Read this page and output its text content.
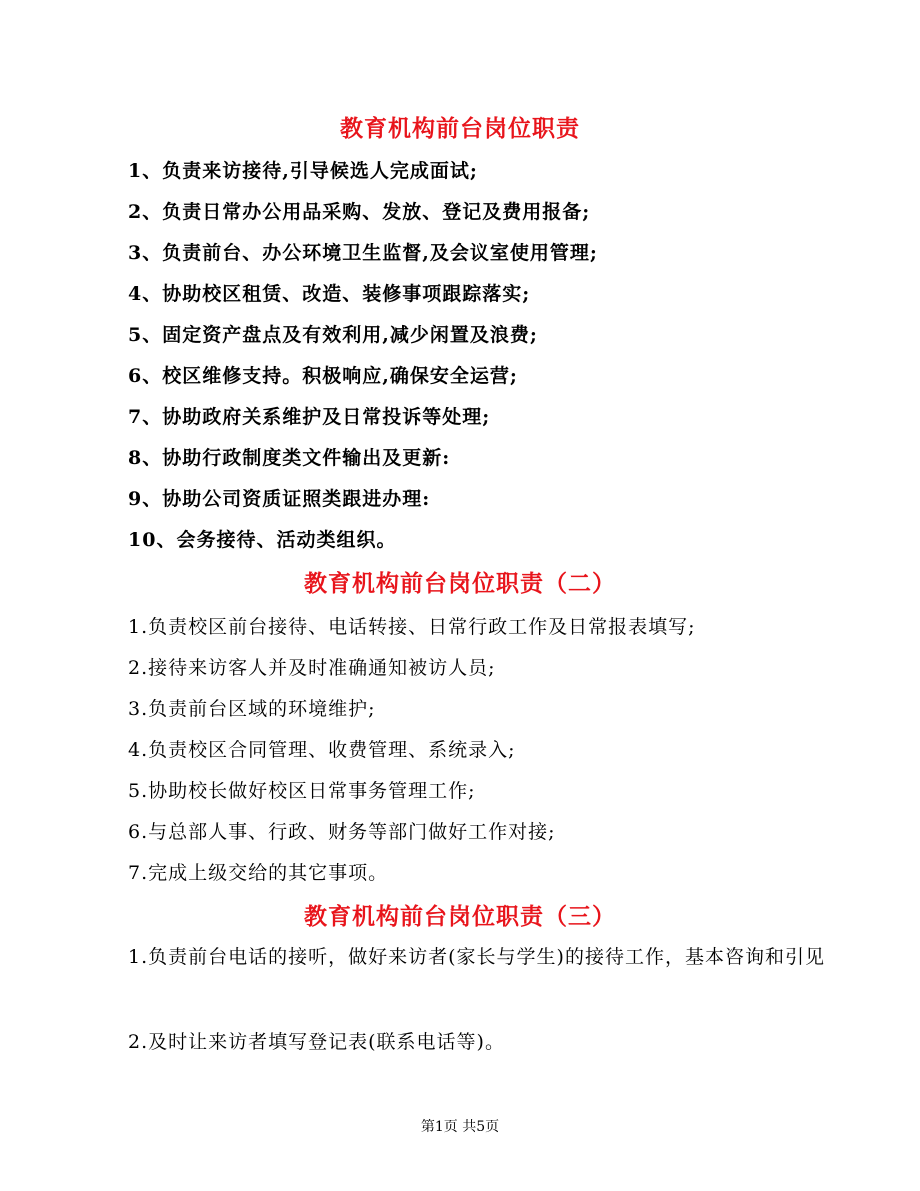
教育机构前台岗位职责
1、负责来访接待,引导候选人完成面试;
2、负责日常办公用品采购、发放、登记及费用报备;
3、负责前台、办公环境卫生监督,及会议室使用管理;
4、协助校区租赁、改造、装修事项跟踪落实;
5、固定资产盘点及有效利用,减少闲置及浪费;
6、校区维修支持。积极响应,确保安全运营;
7、协助政府关系维护及日常投诉等处理;
8、协助行政制度类文件输出及更新:
9、协助公司资质证照类跟进办理:
10、会务接待、活动类组织。
教育机构前台岗位职责（二）
1.负责校区前台接待、电话转接、日常行政工作及日常报表填写;
2.接待来访客人并及时准确通知被访人员;
3.负责前台区域的环境维护;
4.负责校区合同管理、收费管理、系统录入;
5.协助校长做好校区日常事务管理工作;
6.与总部人事、行政、财务等部门做好工作对接;
7.完成上级交给的其它事项。
教育机构前台岗位职责（三）
1.负责前台电话的接听，做好来访者(家长与学生)的接待工作，基本咨询和引见
2.及时让来访者填写登记表(联系电话等)。
第1页 共5页
